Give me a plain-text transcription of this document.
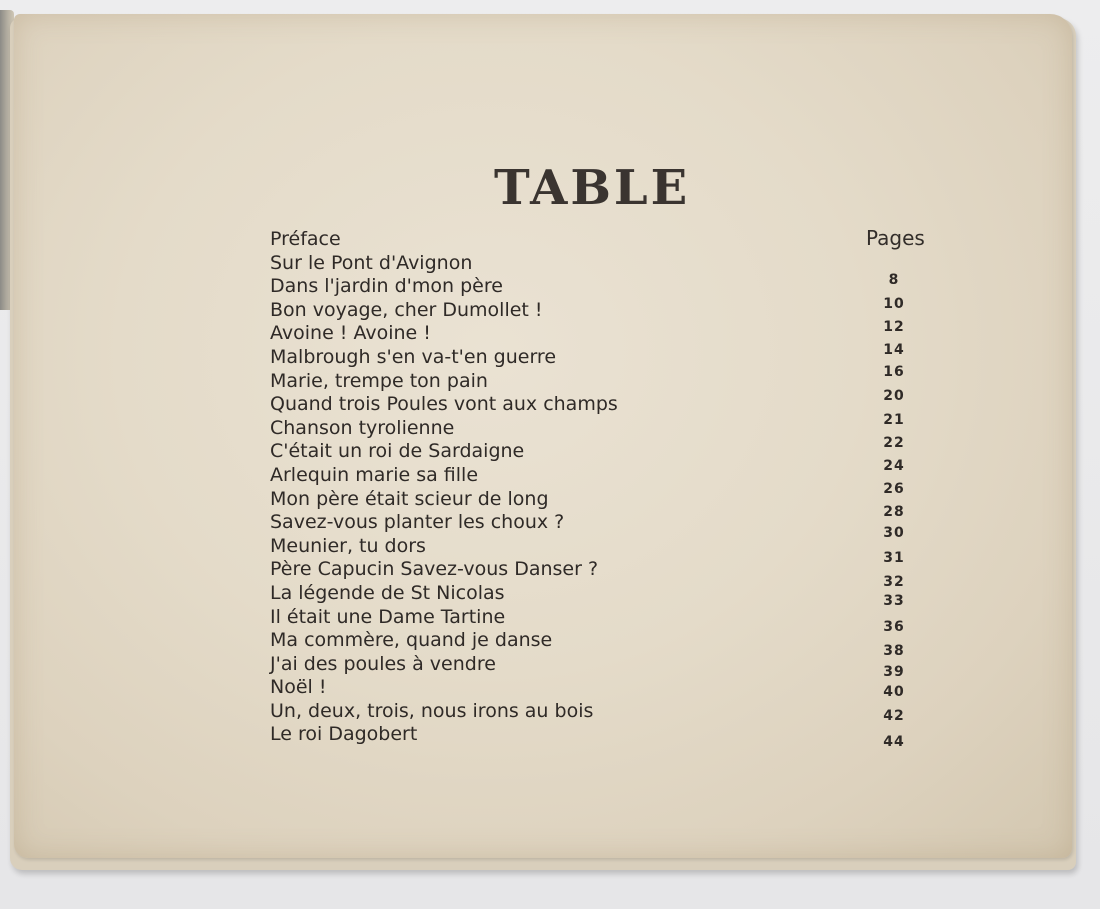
TABLE
Pages
Préface
Sur le Pont d'Avignon
Dans l'jardin d'mon père
Bon voyage, cher Dumollet !
Avoine ! Avoine !
Malbrough s'en va-t'en guerre
Marie, trempe ton pain
Quand trois Poules vont aux champs
Chanson tyrolienne
C'était un roi de Sardaigne
Arlequin marie sa fille
Mon père était scieur de long
Savez-vous planter les choux ?
Meunier, tu dors
Père Capucin Savez-vous Danser ?
La légende de St Nicolas
Il était une Dame Tartine
Ma commère, quand je danse
J'ai des poules à vendre
Noël !
Un, deux, trois, nous irons au bois
Le roi Dagobert
8
10
12
14
16
20
21
22
24
26
28
30
31
32
33
36
38
39
40
42
44
